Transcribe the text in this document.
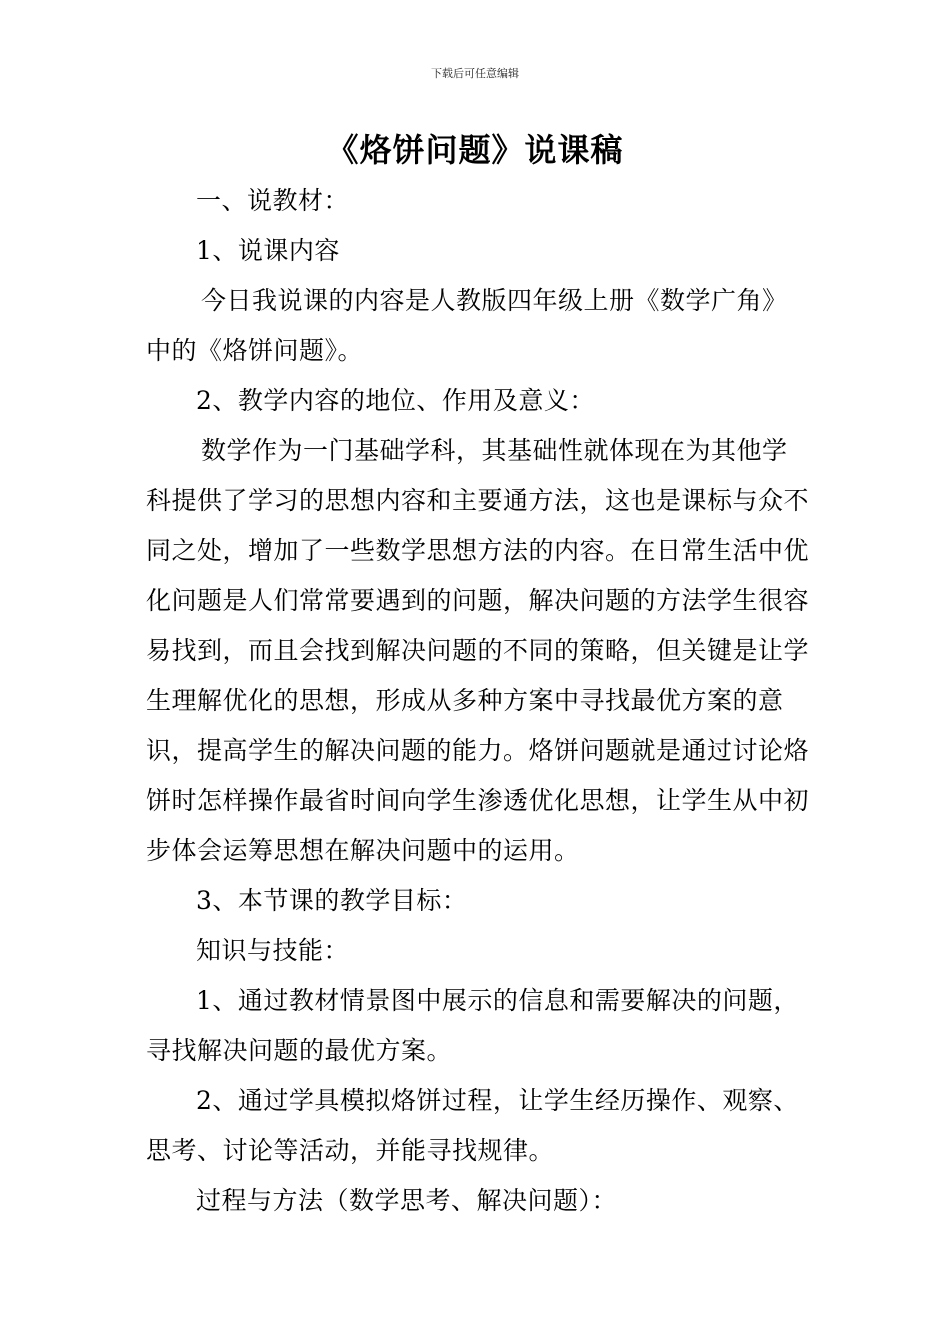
下载后可任意编辑
《烙饼问题》说课稿

一、说教材：

1、说课内容

今日我说课的内容是人教版四年级上册《数学广角》中的《烙饼问题》。

2、教学内容的地位、作用及意义：

数学作为一门基础学科，其基础性就体现在为其他学科提供了学习的思想内容和主要通方法，这也是课标与众不同之处，增加了一些数学思想方法的内容。在日常生活中优化问题是人们常常要遇到的问题，解决问题的方法学生很容易找到，而且会找到解决问题的不同的策略，但关键是让学生理解优化的思想，形成从多种方案中寻找最优方案的意识，提高学生的解决问题的能力。烙饼问题就是通过讨论烙饼时怎样操作最省时间向学生渗透优化思想，让学生从中初步体会运筹思想在解决问题中的运用。

3、本节课的教学目标：

知识与技能：

1、通过教材情景图中展示的信息和需要解决的问题，寻找解决问题的最优方案。

2、通过学具模拟烙饼过程，让学生经历操作、观察、思考、讨论等活动，并能寻找规律。

过程与方法（数学思考、解决问题）：
